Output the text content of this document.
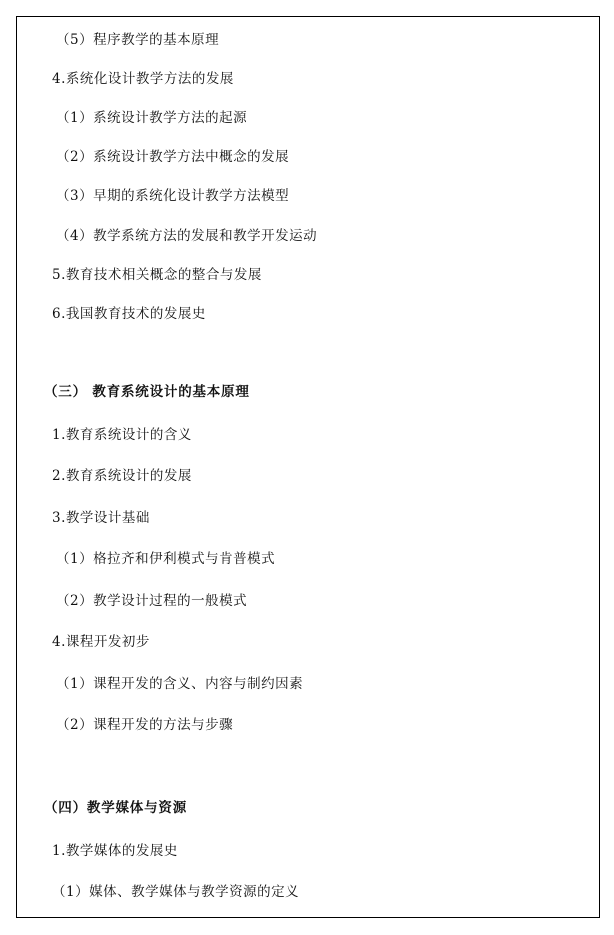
（5）程序教学的基本原理
4.系统化设计教学方法的发展
（1）系统设计教学方法的起源
（2）系统设计教学方法中概念的发展
（3）早期的系统化设计教学方法模型
（4）教学系统方法的发展和教学开发运动
5.教育技术相关概念的整合与发展
6.我国教育技术的发展史
（三） 教育系统设计的基本原理
1.教育系统设计的含义
2.教育系统设计的发展
3.教学设计基础
（1）格拉齐和伊利模式与肯普模式
（2）教学设计过程的一般模式
4.课程开发初步
（1）课程开发的含义、内容与制约因素
（2）课程开发的方法与步骤
（四）教学媒体与资源
1.教学媒体的发展史
（1）媒体、教学媒体与教学资源的定义
